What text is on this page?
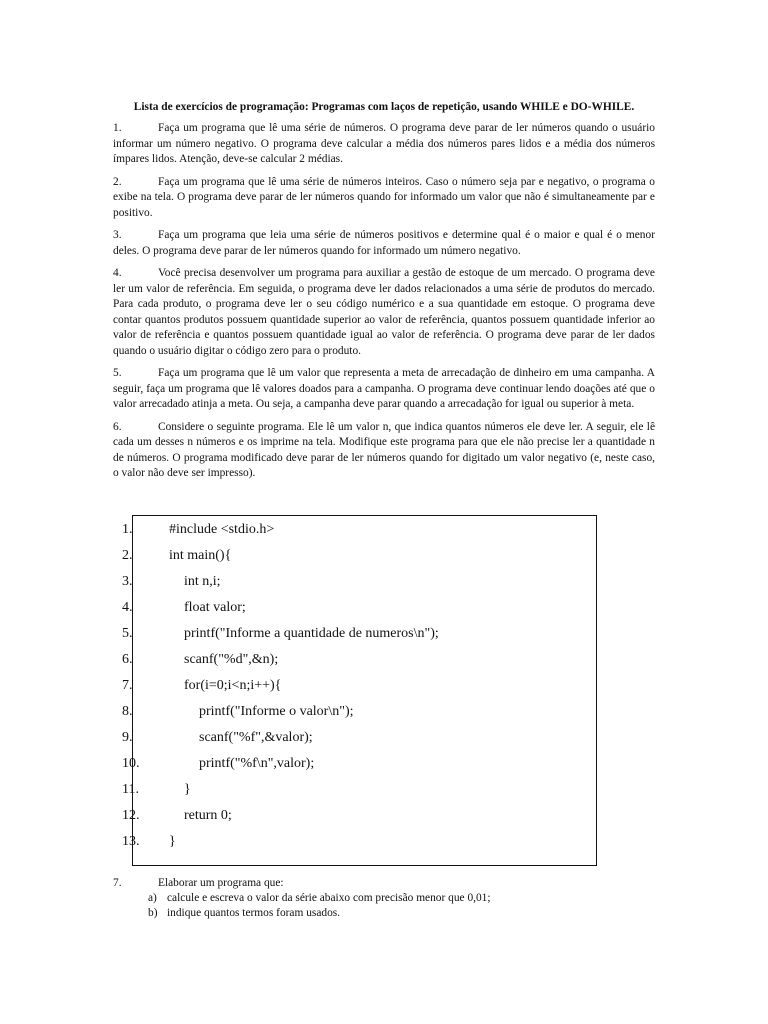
Lista de exercícios de programação: Programas com laços de repetição, usando WHILE e DO-WHILE.
1.	Faça um programa que lê uma série de números. O programa deve parar de ler números quando o usuário informar um número negativo. O programa deve calcular a média dos números pares lidos e a média dos números ímpares lidos. Atenção, deve-se calcular 2 médias.
2.	Faça um programa que lê uma série de números inteiros. Caso o número seja par e negativo, o programa o exibe na tela. O programa deve parar de ler números quando for informado um valor que não é simultaneamente par e positivo.
3.	Faça um programa que leia uma série de números positivos e determine qual é o maior e qual é o menor deles. O programa deve parar de ler números quando for informado um número negativo.
4.	Você precisa desenvolver um programa para auxiliar a gestão de estoque de um mercado. O programa deve ler um valor de referência. Em seguida, o programa deve ler dados relacionados a uma série de produtos do mercado. Para cada produto, o programa deve ler o seu código numérico e a sua quantidade em estoque. O programa deve contar quantos produtos possuem quantidade superior ao valor de referência, quantos possuem quantidade inferior ao valor de referência e quantos possuem quantidade igual ao valor de referência. O programa deve parar de ler dados quando o usuário digitar o código zero para o produto.
5.	Faça um programa que lê um valor que representa a meta de arrecadação de dinheiro em uma campanha. A seguir, faça um programa que lê valores doados para a campanha. O programa deve continuar lendo doações até que o valor arrecadado atinja a meta. Ou seja, a campanha deve parar quando a arrecadação for igual ou superior à meta.
6.	Considere o seguinte programa. Ele lê um valor n, que indica quantos números ele deve ler. A seguir, ele lê cada um desses n números e os imprime na tela. Modifique este programa para que ele não precise ler a quantidade n de números. O programa modificado deve parar de ler números quando for digitado um valor negativo (e, neste caso, o valor não deve ser impresso).
1.	#include <stdio.h>
2.	int main(){
3.	int n,i;
4.	float valor;
5.	printf("Informe a quantidade de numeros\n");
6.	scanf("%d",&n);
7.	for(i=0;i<n;i++){
8.	printf("Informe o valor\n");
9.	scanf("%f",&valor);
10.	printf("%f\n",valor);
11.	}
12.	return 0;
13.	}
7.	Elaborar um programa que:
a) calcule e escreva o valor da série abaixo com precisão menor que 0,01;
b) indique quantos termos foram usados.
